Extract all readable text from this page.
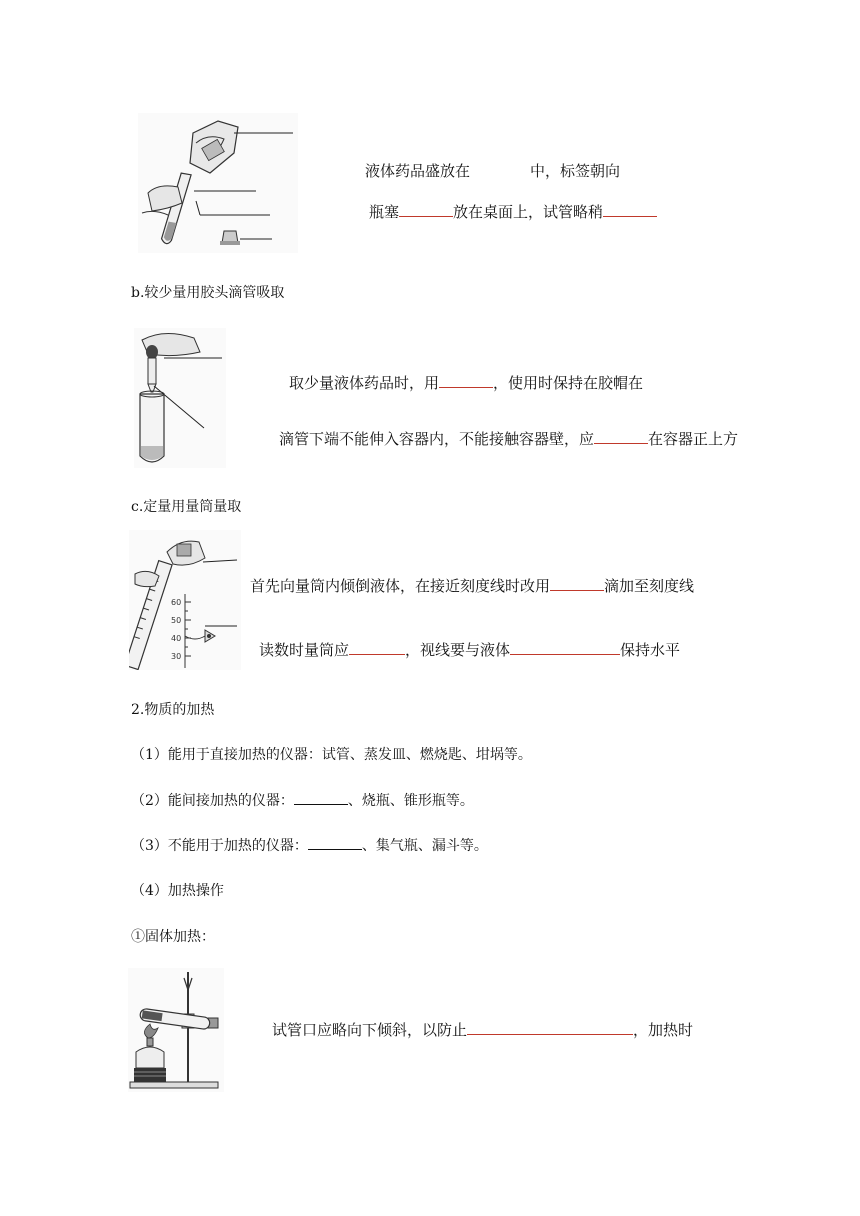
液体药品盛放在	中，标签朝向
瓶塞	放在桌面上，试管略稍
b.较少量用胶头滴管吸取
取少量液体药品时，用	，使用时保持在胶帽在
滴管下端不能伸入容器内，不能接触容器壁，应	在容器正上方
c.定量用量筒量取
60
50
40
30
首先向量筒内倾倒液体，在接近刻度线时改用	滴加至刻度线
读数时量筒应	，视线要与液体	保持水平
2.物质的加热
（1）能用于直接加热的仪器：试管、蒸发皿、燃烧匙、坩埚等。
（2）能间接加热的仪器：	、烧瓶、锥形瓶等。
（3）不能用于加热的仪器：	、集气瓶、漏斗等。
（4）加热操作
①固体加热：
试管口应略向下倾斜，以防止	，加热时
